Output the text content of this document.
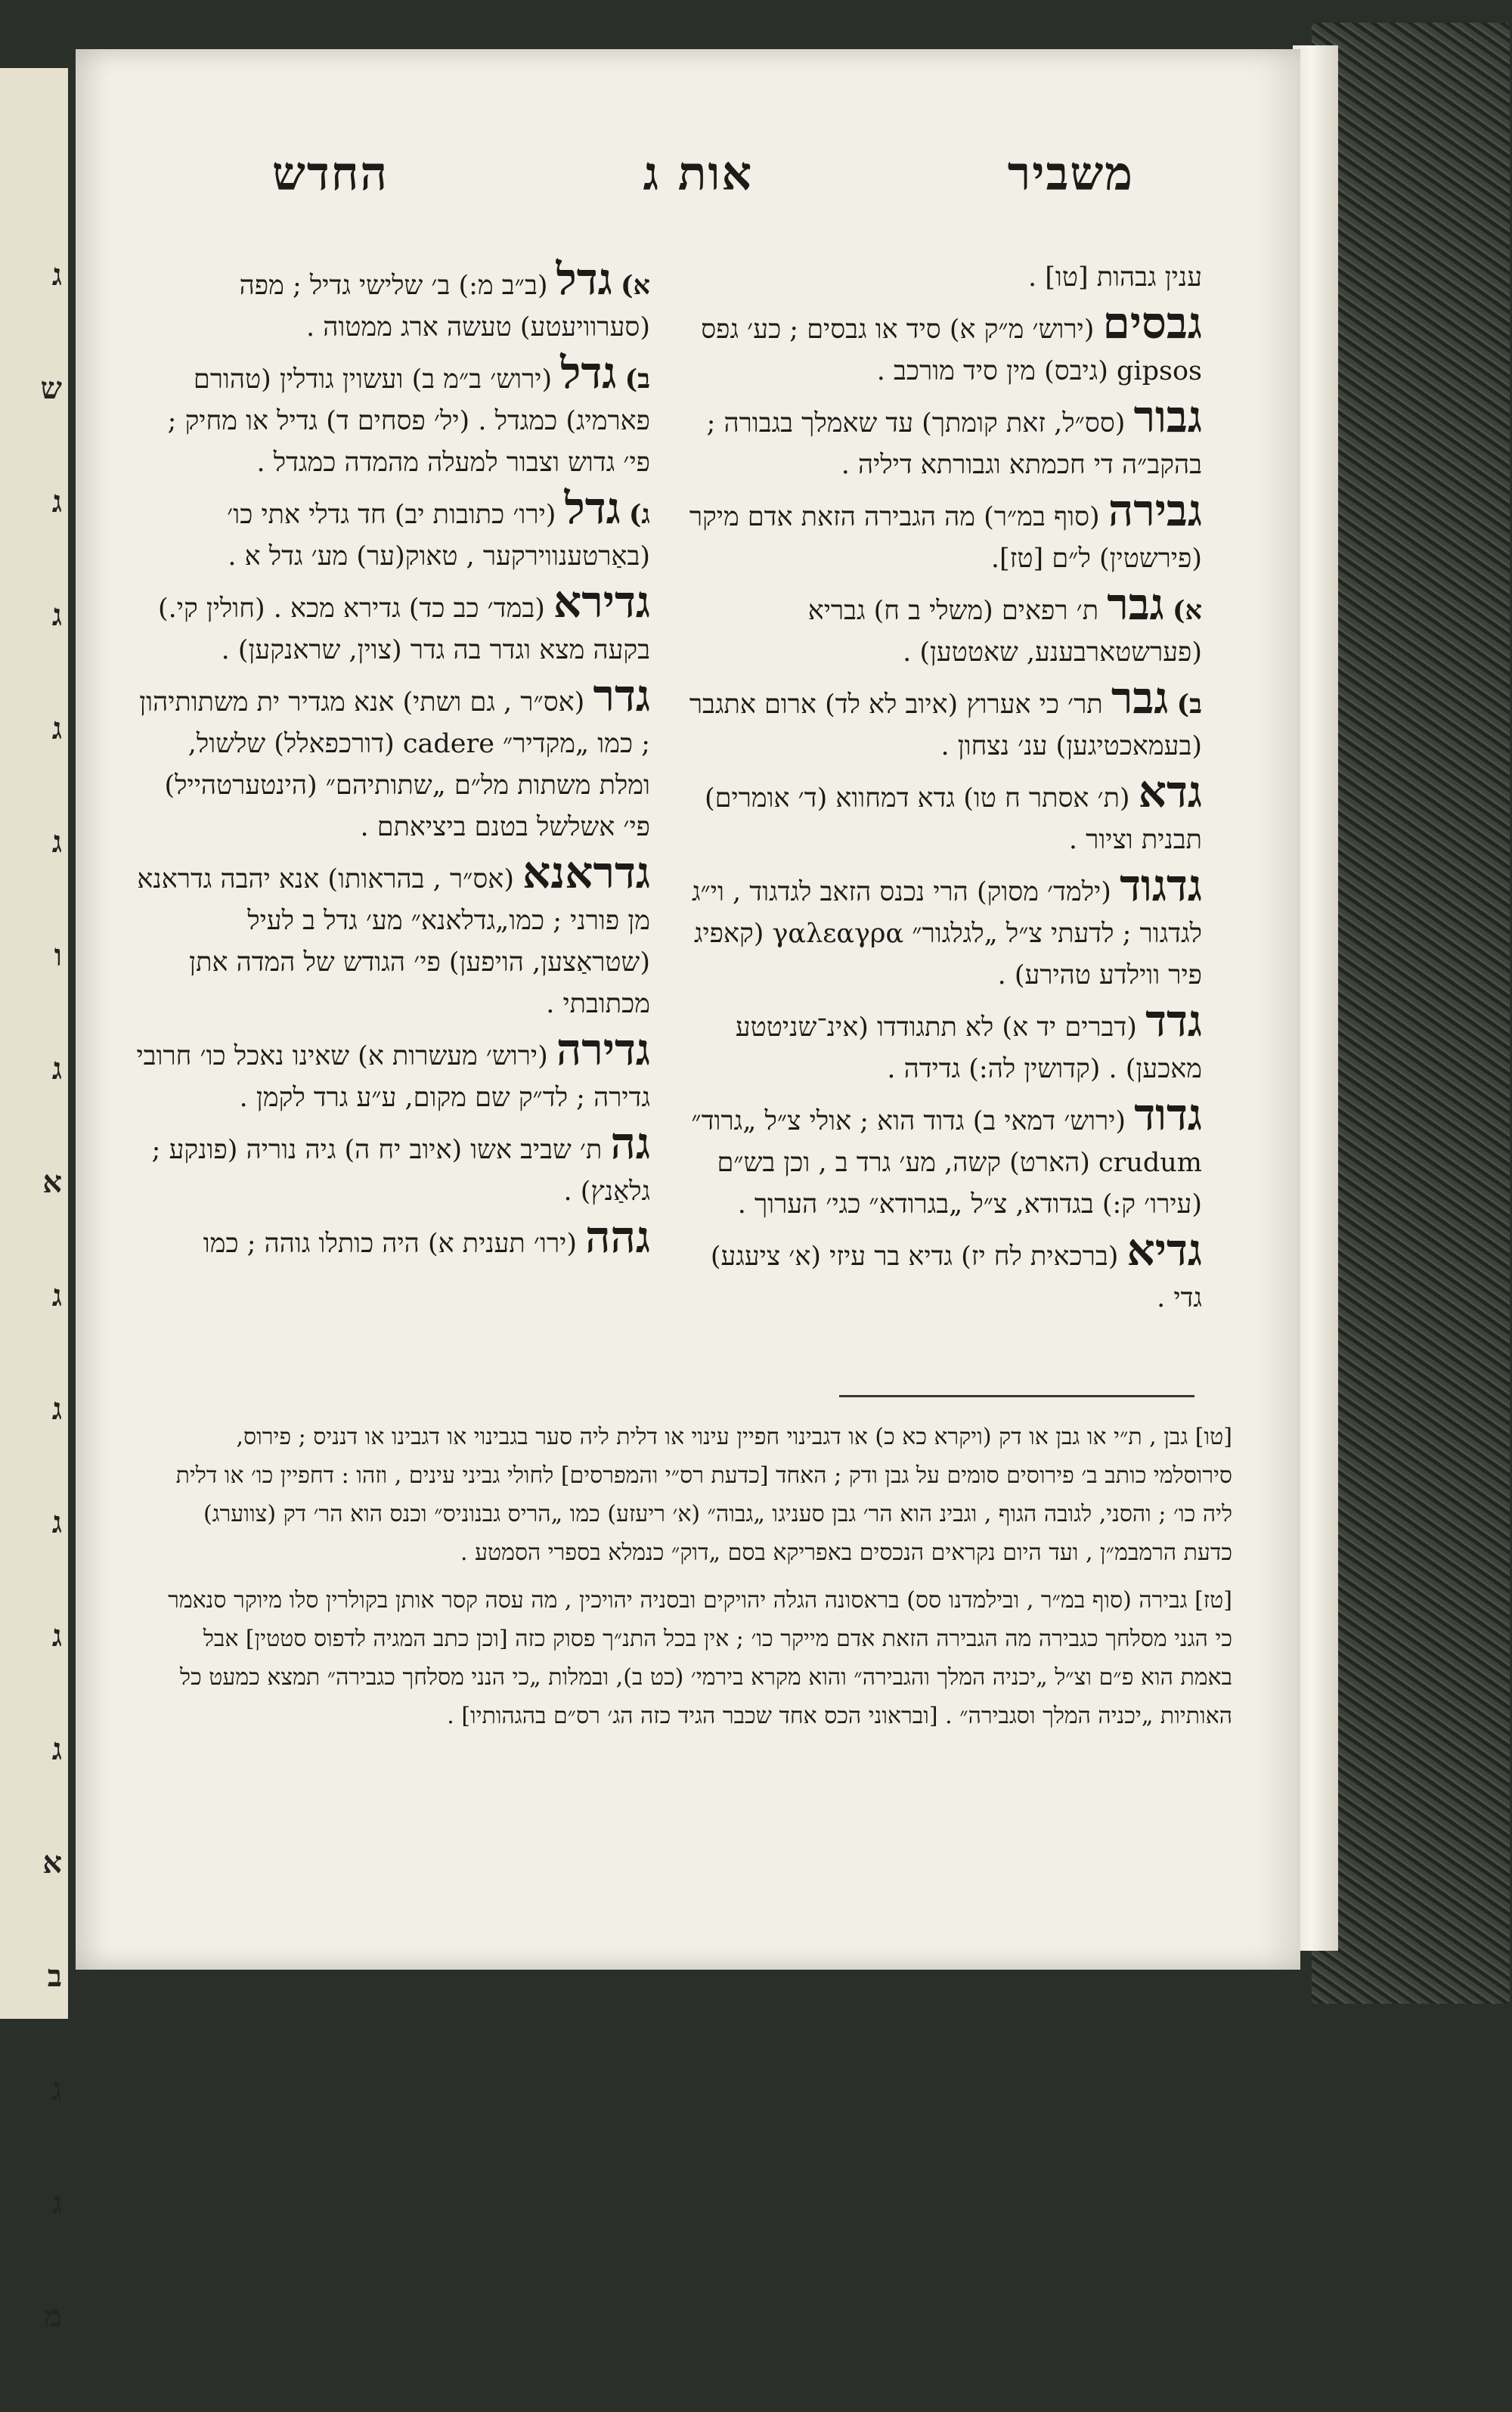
ג
ש
ג
ג
ג
ג
ו
ג
א
ג
ג
ג
ג
ג
א
ב
ג
ג
מ
משביר
אות ג
החדש

ענין גבהות [טו] .

גבסים (ירוש׳ מ״ק א) סיד או גבסים ; כע׳ גפס gipsos (גיבס) מין סיד מורכב .

גבור (סס״ל, זאת קומתך) עד שאמלך בגבורה ; בהקב״ה די חכמתא וגבורתא דיליה .

גבירה (סוף במ״ר) מה הגבירה הזאת אדם מיקר (פירשטין) ל״ם [טז].

א) גבר ת׳ רפאים (משלי ב ח) גבריא (פערשטארבענע, שאטטען) .

ב) גבר תר׳ כי אערוץ (איוב לא לד) ארום אתגבר (בעמאכטיגען) ענ׳ נצחון .

גדא (ת׳ אסתר ח טו) גדא דמחווא (ד׳ אומרים) תבנית וציור .

גדגוד (ילמד׳ מסוק) הרי נכנס הזאב לגדגוד , וי״ג לגדגור ; לדעתי צ״ל „לגלגור״ γαλεαγρα (קאפיג פיר ווילדע טהירע) .

גדד (דברים יד א) לא תתגודדו (אינ־שניטטע מאכען) . (קדושין לה:) גדידה .

גדוד (ירוש׳ דמאי ב) גדוד הוא ; אולי צ״ל „גרוד״ crudum (הארט) קשה, מע׳ גרד ב , וכן בש״ם (עירו׳ ק:) בגדודא, צ״ל „בגרודא״ כגי׳ הערוך .

גדיא (ברכאית לח יז) גדיא בר עיזי (א׳ ציעגע) גדי .

א) גדל (ב״ב מ:) ב׳ שלישי גדיל ; מפה (סערוויעטע) טעשה ארג ממטוה .

ב) גדל (ירוש׳ ב״מ ב) ועשוין גודלין (טהורם פארמיג) כמגדל . (יל׳ פסחים ד) גדיל או מחיק ; פי׳ גדוש וצבור למעלה מהמדה כמגדל .

ג) גדל (ירו׳ כתובות יב) חד גדלי אתי כו׳ (באַרטענווירקער , טאוק(ער) מע׳ גדל א .

גדירא (במד׳ כב כד) גדירא מכא . (חולין קי.) בקעה מצא וגדר בה גדר (צוין, שראנקען) .

גדר (אס״ר , גם ושתי) אנא מגדיר ית משתותיהון ; כמו „מקדיר״ cadere (דורכפאלל) שלשול, ומלת משתות מל״ם „שתותיהם״ (הינטערטהייל) פי׳ אשלשל בטנם ביציאתם .

גדראנא (אס״ר , בהראותו) אנא יהבה גדראנא מן פורני ; כמו„גדלאנא״ מע׳ גדל ב לעיל (שטראַצען, הויפען) פי׳ הגודש של המדה אתן מכתובתי .

גדירה (ירוש׳ מעשרות א) שאינו נאכל כו׳ חרובי גדירה ; לד״ק שם מקום, ע״ע גרד לקמן .

גה ת׳ שביב אשו (איוב יח ה) גיה נוריה (פונקע ; גלאַנץ) .

גהה (ירו׳ תענית א) היה כותלו גוהה ; כמו

[טו] גבן , ת״י או גבן או דק (ויקרא כא כ) או דגבינוי חפיין עינוי או דלית ליה סער בגבינוי או דגבינו או דנניס ; פירוס, סירוסלמי כותב ב׳ פירוסים סומים על גבן ודק ; האחד [כדעת רס״י והמפרסים] לחולי גביני עינים , וזהו : דחפיין כו׳ או דלית ליה כו׳ ; והסני, לגובה הגוף , וגבינ הוא הר׳ גבן סעניגו „גבוה״ (א׳ ריעזע) כמו „הריס גבנוניס״ וכנס הוא הר׳ דק (צווערג) כדעת הרמבמ״ן , ועד היום נקראים הנכסים באפריקא בסם „דוק״ כנמלא בספרי הסמטע .

[טז] גבירה (סוף במ״ר , ובילמדנו סס) בראסונה הגלה יהויקים ובסניה יהויכין , מה עסה קסר אותן בקולרין סלו מיוקר סנאמר כי הגני מסלחך כגבירה מה הגבירה הזאת אדם מייקר כו׳ ; אין בכל התנ״ך פסוק כזה [וכן כתב המגיה לדפוס סטטין] אבל באמת הוא פ״ם וצ״ל „יכניה המלך והגבירה״ והוא מקרא בירמי׳ (כט ב), ובמלות „כי הנני מסלחך כגבירה״ תמצא כמעט כל האותיות „יכניה המלך וסגבירה״ . [ובראוני הכס אחד שכבר הגיד כזה הג׳ רס״ם בהגהותיו] .
